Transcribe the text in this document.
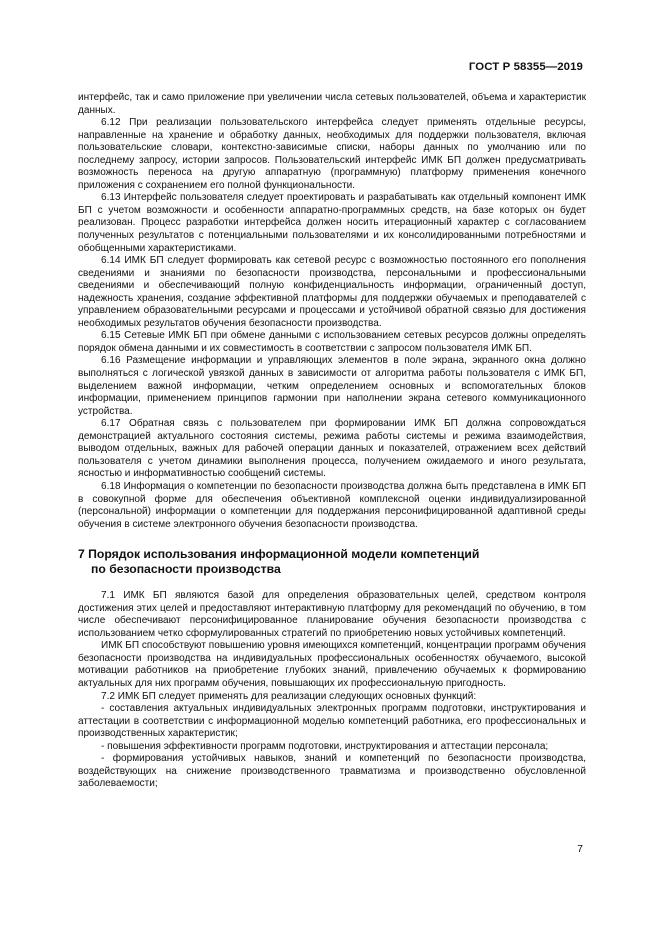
ГОСТ Р 58355—2019

интерфейс, так и само приложение при увеличении числа сетевых пользователей, объема и характеристик данных.

6.12 При реализации пользовательского интерфейса следует применять отдельные ресурсы, направленные на хранение и обработку данных, необходимых для поддержки пользователя, включая пользовательские словари, контекстно-зависимые списки, наборы данных по умолчанию или по последнему запросу, истории запросов. Пользовательский интерфейс ИМК БП должен предусматривать возможность переноса на другую аппаратную (программную) платформу применения конечного приложения с сохранением его полной функциональности.

6.13 Интерфейс пользователя следует проектировать и разрабатывать как отдельный компонент ИМК БП с учетом возможности и особенности аппаратно-программных средств, на базе которых он будет реализован. Процесс разработки интерфейса должен носить итерационный характер с согласованием полученных результатов с потенциальными пользователями и их консолидированными потребностями и обобщенными характеристиками.

6.14 ИМК БП следует формировать как сетевой ресурс с возможностью постоянного его пополнения сведениями и знаниями по безопасности производства, персональными и профессиональными сведениями и обеспечивающий полную конфиденциальность информации, ограниченный доступ, надежность хранения, создание эффективной платформы для поддержки обучаемых и преподавателей с управлением образовательными ресурсами и процессами и устойчивой обратной связью для достижения необходимых результатов обучения безопасности производства.

6.15 Сетевые ИМК БП при обмене данными с использованием сетевых ресурсов должны определять порядок обмена данными и их совместимость в соответствии с запросом пользователя ИМК БП.

6.16 Размещение информации и управляющих элементов в поле экрана, экранного окна должно выполняться с логической увязкой данных в зависимости от алгоритма работы пользователя с ИМК БП, выделением важной информации, четким определением основных и вспомогательных блоков информации, применением принципов гармонии при наполнении экрана сетевого коммуникационного устройства.

6.17 Обратная связь с пользователем при формировании ИМК БП должна сопровождаться демонстрацией актуального состояния системы, режима работы системы и режима взаимодействия, выводом отдельных, важных для рабочей операции данных и показателей, отражением всех действий пользователя с учетом динамики выполнения процесса, получением ожидаемого и иного результата, ясностью и информативностью сообщений системы.

6.18 Информация о компетенции по безопасности производства должна быть представлена в ИМК БП в совокупной форме для обеспечения объективной комплексной оценки индивидуализированной (персональной) информации о компетенции для поддержания персонифицированной адаптивной среды обучения в системе электронного обучения безопасности производства.

7 Порядок использования информационной модели компетенций
по безопасности производства

7.1 ИМК БП являются базой для определения образовательных целей, средством контроля достижения этих целей и предоставляют интерактивную платформу для рекомендаций по обучению, в том числе обеспечивают персонифицированное планирование обучения безопасности производства с использованием четко сформулированных стратегий по приобретению новых устойчивых компетенций.

ИМК БП способствуют повышению уровня имеющихся компетенций, концентрации программ обучения безопасности производства на индивидуальных профессиональных особенностях обучаемого, высокой мотивации работников на приобретение глубоких знаний, привлечению обучаемых к формированию актуальных для них программ обучения, повышающих их профессиональную пригодность.

7.2 ИМК БП следует применять для реализации следующих основных функций:

- составления актуальных индивидуальных электронных программ подготовки, инструктирования и аттестации в соответствии с информационной моделью компетенций работника, его профессиональных и производственных характеристик;

- повышения эффективности программ подготовки, инструктирования и аттестации персонала;

- формирования устойчивых навыков, знаний и компетенций по безопасности производства, воздействующих на снижение производственного травматизма и производственно обусловленной заболеваемости;

7
